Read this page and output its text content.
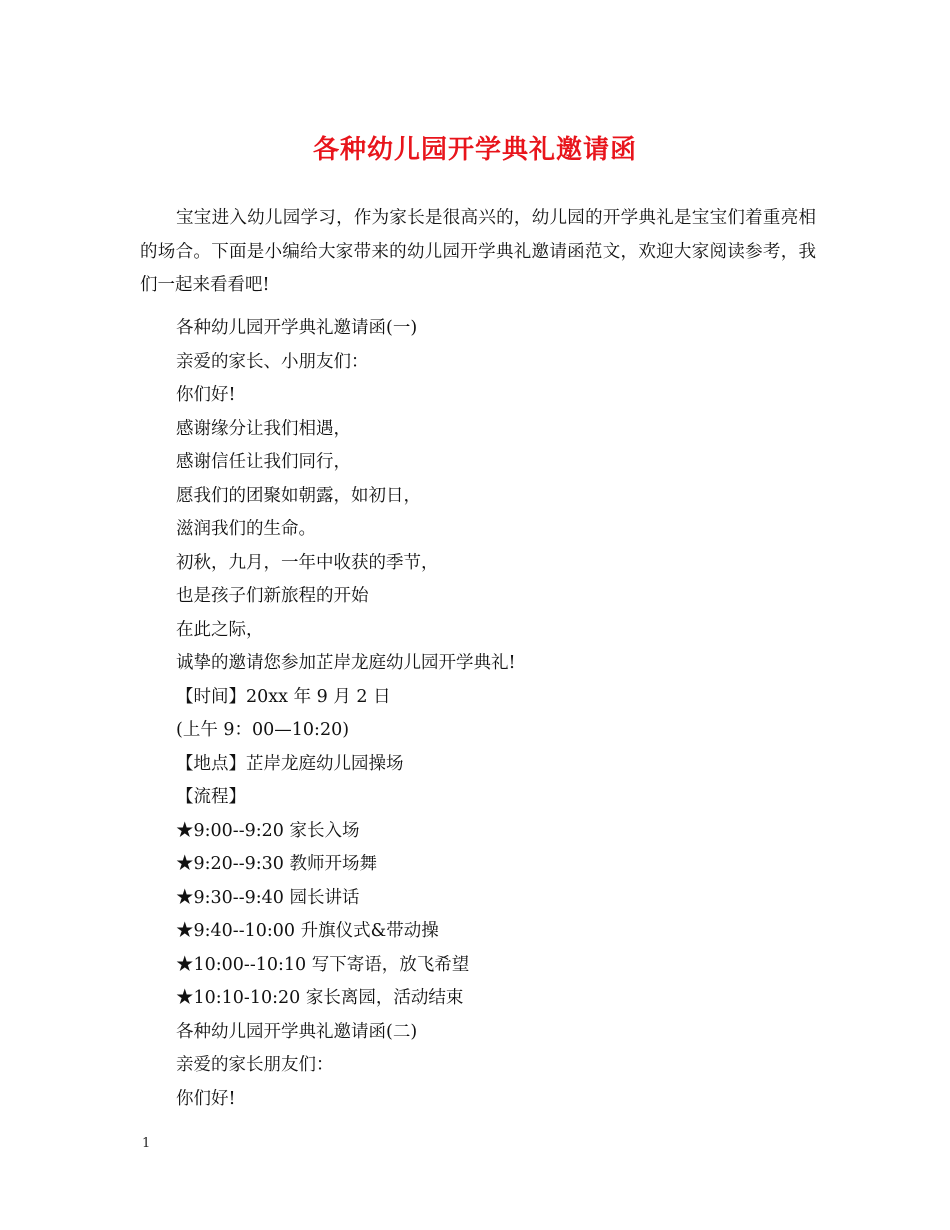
各种幼儿园开学典礼邀请函

宝宝进入幼儿园学习，作为家长是很高兴的，幼儿园的开学典礼是宝宝们着重亮相的场合。下面是小编给大家带来的幼儿园开学典礼邀请函范文，欢迎大家阅读参考，我们一起来看看吧!

各种幼儿园开学典礼邀请函(一)
亲爱的家长、小朋友们：
你们好!
感谢缘分让我们相遇，
感谢信任让我们同行，
愿我们的团聚如朝露，如初日，
滋润我们的生命。
初秋，九月，一年中收获的季节，
也是孩子们新旅程的开始
在此之际，
诚挚的邀请您参加芷岸龙庭幼儿园开学典礼!
【时间】20xx 年 9 月 2 日
(上午 9：00—10:20)
【地点】芷岸龙庭幼儿园操场
【流程】
★9:00--9:20 家长入场
★9:20--9:30 教师开场舞
★9:30--9:40 园长讲话
★9:40--10:00 升旗仪式&带动操
★10:00--10:10 写下寄语，放飞希望
★10:10-10:20 家长离园，活动结束
各种幼儿园开学典礼邀请函(二)
亲爱的家长朋友们：
你们好!
1
